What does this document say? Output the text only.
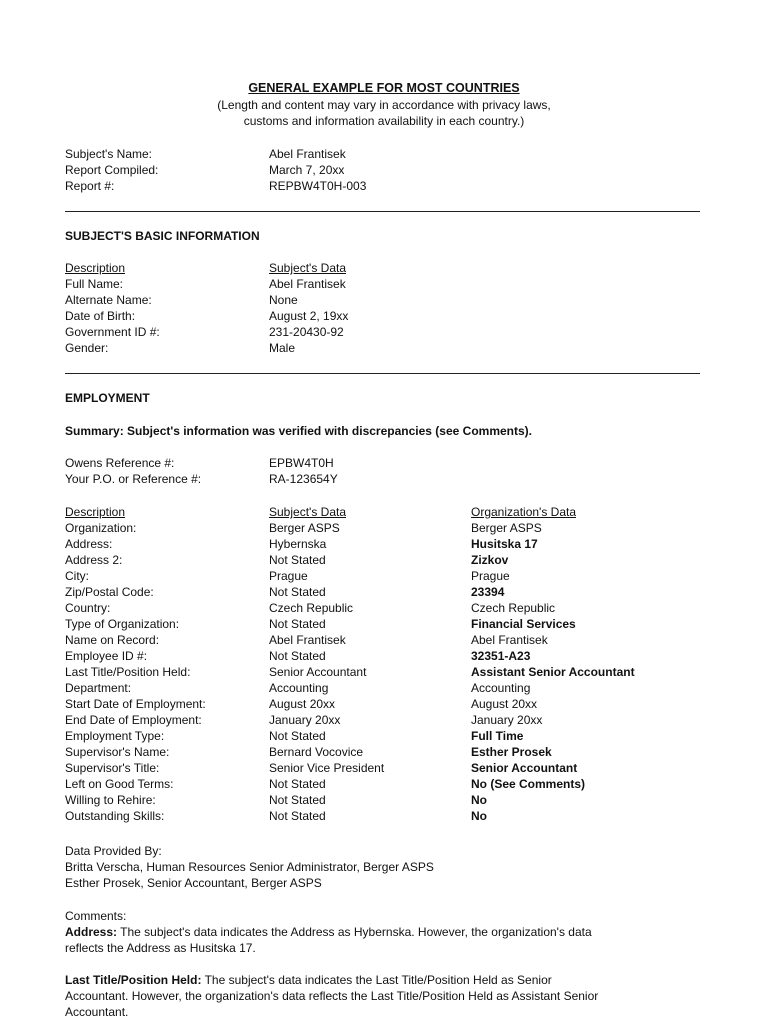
GENERAL EXAMPLE FOR MOST COUNTRIES
(Length and content may vary in accordance with privacy laws,
customs and information availability in each country.)
Subject's Name:	Abel Frantisek
Report Compiled:	March 7, 20xx
Report #:	REPBW4T0H-003
SUBJECT'S BASIC INFORMATION
Description	Subject's Data
Full Name:	Abel Frantisek
Alternate Name:	None
Date of Birth:	August 2, 19xx
Government ID #:	231-20430-92
Gender:	Male
EMPLOYMENT
Summary: Subject's information was verified with discrepancies (see Comments).
Owens Reference #:	EPBW4T0H
Your P.O. or Reference #:	RA-123654Y
Description	Subject's Data	Organization's Data
Organization:	Berger ASPS	Berger ASPS
Address:	Hybernska	Husitska 17
Address 2:	Not Stated	Zizkov
City:	Prague	Prague
Zip/Postal Code:	Not Stated	23394
Country:	Czech Republic	Czech Republic
Type of Organization:	Not Stated	Financial Services
Name on Record:	Abel Frantisek	Abel Frantisek
Employee ID #:	Not Stated	32351-A23
Last Title/Position Held:	Senior Accountant	Assistant Senior Accountant
Department:	Accounting	Accounting
Start Date of Employment:	August 20xx	August 20xx
End Date of Employment:	January 20xx	January 20xx
Employment Type:	Not Stated	Full Time
Supervisor's Name:	Bernard Vocovice	Esther Prosek
Supervisor's Title:	Senior Vice President	Senior Accountant
Left on Good Terms:	Not Stated	No (See Comments)
Willing to Rehire:	Not Stated	No
Outstanding Skills:	Not Stated	No
Data Provided By:
Britta Verscha, Human Resources Senior Administrator, Berger ASPS
Esther Prosek, Senior Accountant, Berger ASPS
Comments:
Address: The subject's data indicates the Address as Hybernska. However, the organization's data
reflects the Address as Husitska 17.
Last Title/Position Held: The subject's data indicates the Last Title/Position Held as Senior
Accountant. However, the organization's data reflects the Last Title/Position Held as Assistant Senior
Accountant.
